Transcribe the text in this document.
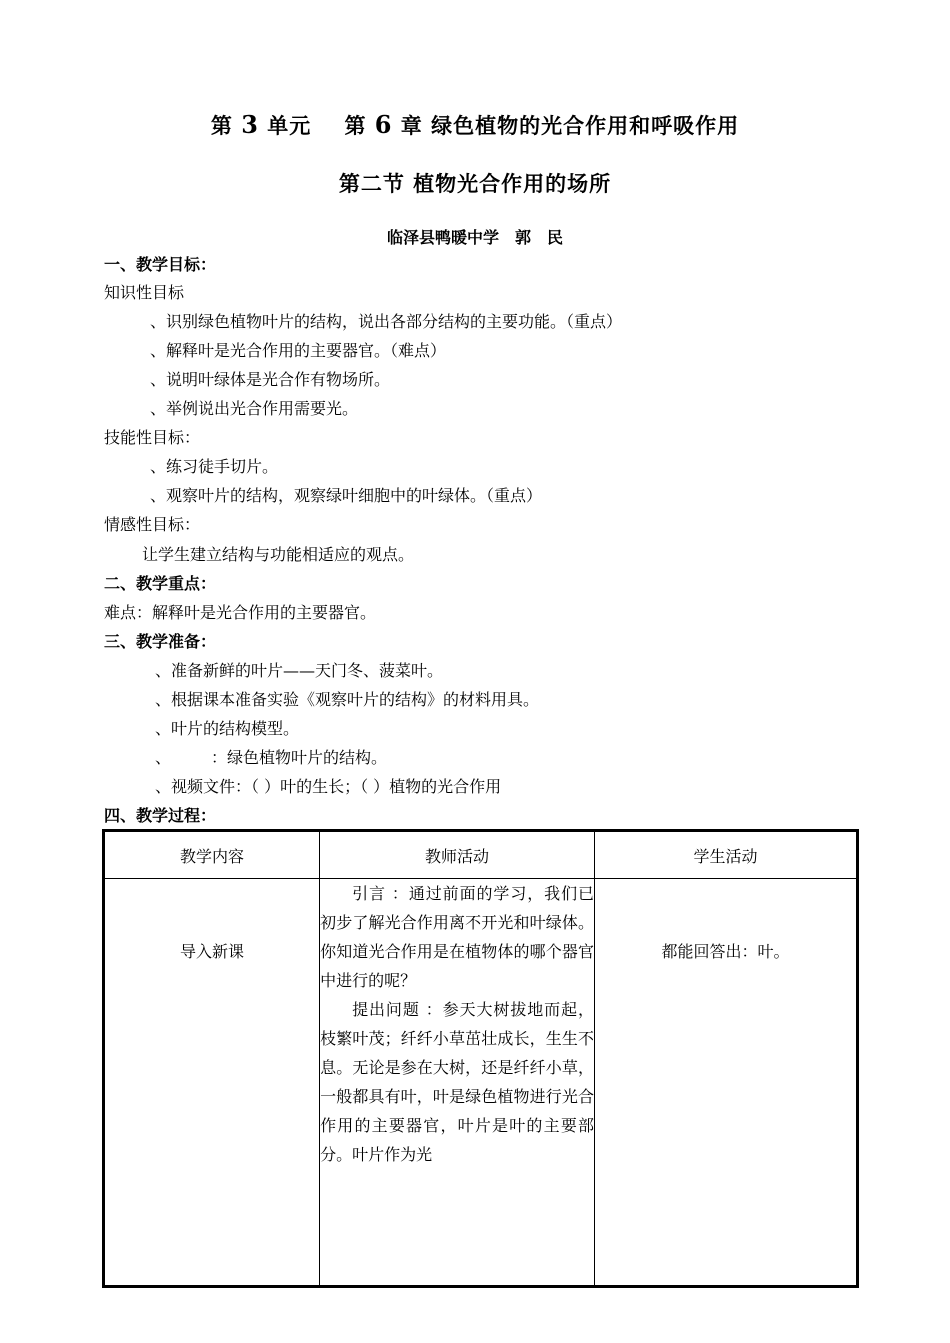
第 3 单元 第 6 章 绿色植物的光合作用和呼吸作用
第二节 植物光合作用的场所
临泽县鸭暖中学　郭　民
一、教学目标：
知识性目标
、识别绿色植物叶片的结构，说出各部分结构的主要功能。（重点）
、解释叶是光合作用的主要器官。（难点）
、说明叶绿体是光合作有物场所。
、举例说出光合作用需要光。
技能性目标：
、练习徒手切片。
、观察叶片的结构，观察绿叶细胞中的叶绿体。（重点）
情感性目标：
让学生建立结构与功能相适应的观点。
二、教学重点：
难点：解释叶是光合作用的主要器官。
三、教学准备：
、准备新鲜的叶片——天门冬、菠菜叶。
、根据课本准备实验《观察叶片的结构》的材料用具。
、叶片的结构模型。
、　　　：绿色植物叶片的结构。
、视频文件：（ ）叶的生长；（ ）植物的光合作用
四、教学过程：
教学内容	教师活动	学生活动
导入新课	引言 ：通过前面的学习，我们已初步了解光合作用离不开光和叶绿体。你知道光合作用是在植物体的哪个器官中进行的呢？

提出问题 ：参天大树拔地而起，枝繁叶茂；纤纤小草茁壮成长，生生不息。无论是参在大树，还是纤纤小草，一般都具有叶，叶是绿色植物进行光合作用的主要器官，叶片是叶的主要部分。叶片作为光	都能回答出：叶。
